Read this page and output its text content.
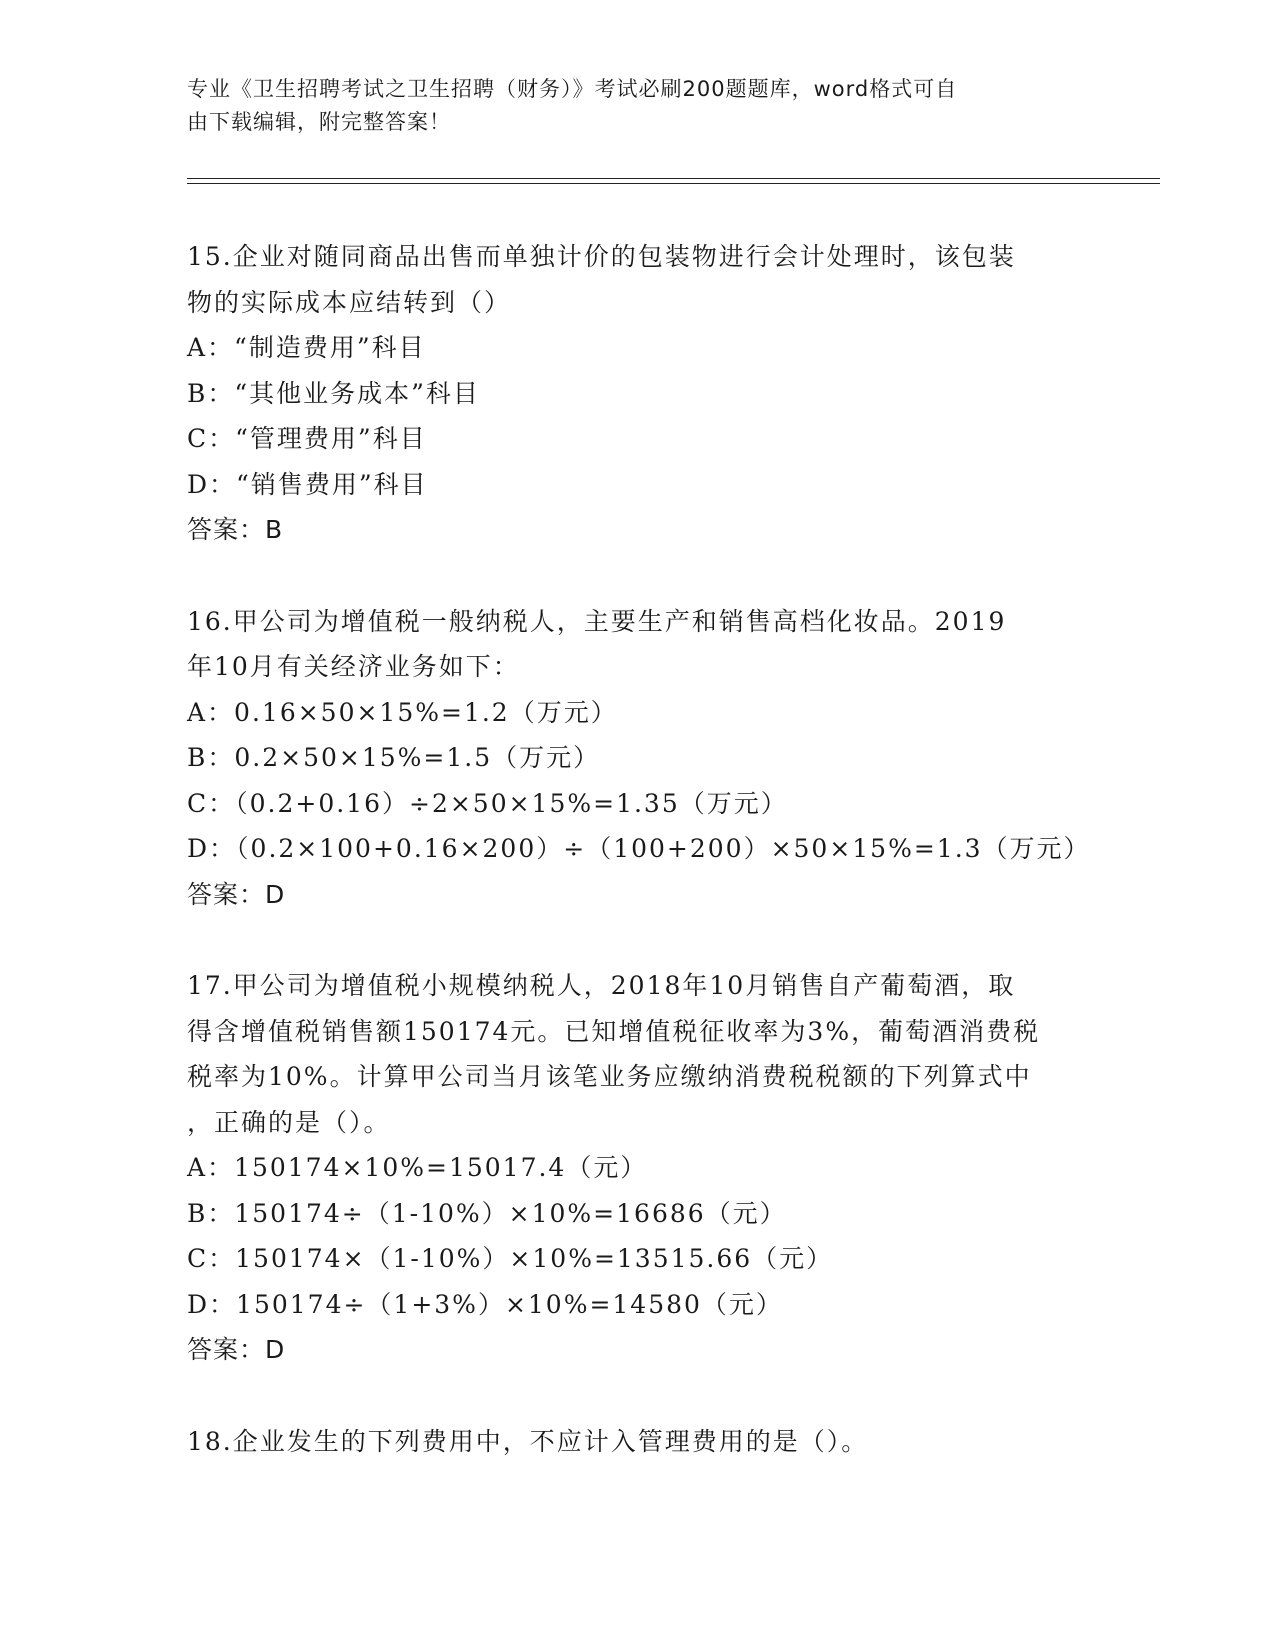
专业《卫生招聘考试之卫生招聘（财务）》考试必刷200题题库，word格式可自
由下载编辑，附完整答案！
15.企业对随同商品出售而单独计价的包装物进行会计处理时，该包装
物的实际成本应结转到（）
A：“制造费用”科目
B：“其他业务成本”科目
C：“管理费用”科目
D：“销售费用”科目
答案：B
16.甲公司为增值税一般纳税人，主要生产和销售高档化妆品。2019
年10月有关经济业务如下：
A：0.16×50×15%=1.2（万元）
B：0.2×50×15%=1.5（万元）
C：（0.2+0.16）÷2×50×15%=1.35（万元）
D：（0.2×100+0.16×200）÷（100+200）×50×15%=1.3（万元）
答案：D
17.甲公司为增值税小规模纳税人，2018年10月销售自产葡萄酒，取
得含增值税销售额150174元。已知增值税征收率为3%，葡萄酒消费税
税率为10%。计算甲公司当月该笔业务应缴纳消费税税额的下列算式中
，正确的是（）。
A：150174×10%=15017.4（元）
B：150174÷（1-10%）×10%=16686（元）
C：150174×（1-10%）×10%=13515.66（元）
D：150174÷（1+3%）×10%=14580（元）
答案：D
18.企业发生的下列费用中，不应计入管理费用的是（）。
